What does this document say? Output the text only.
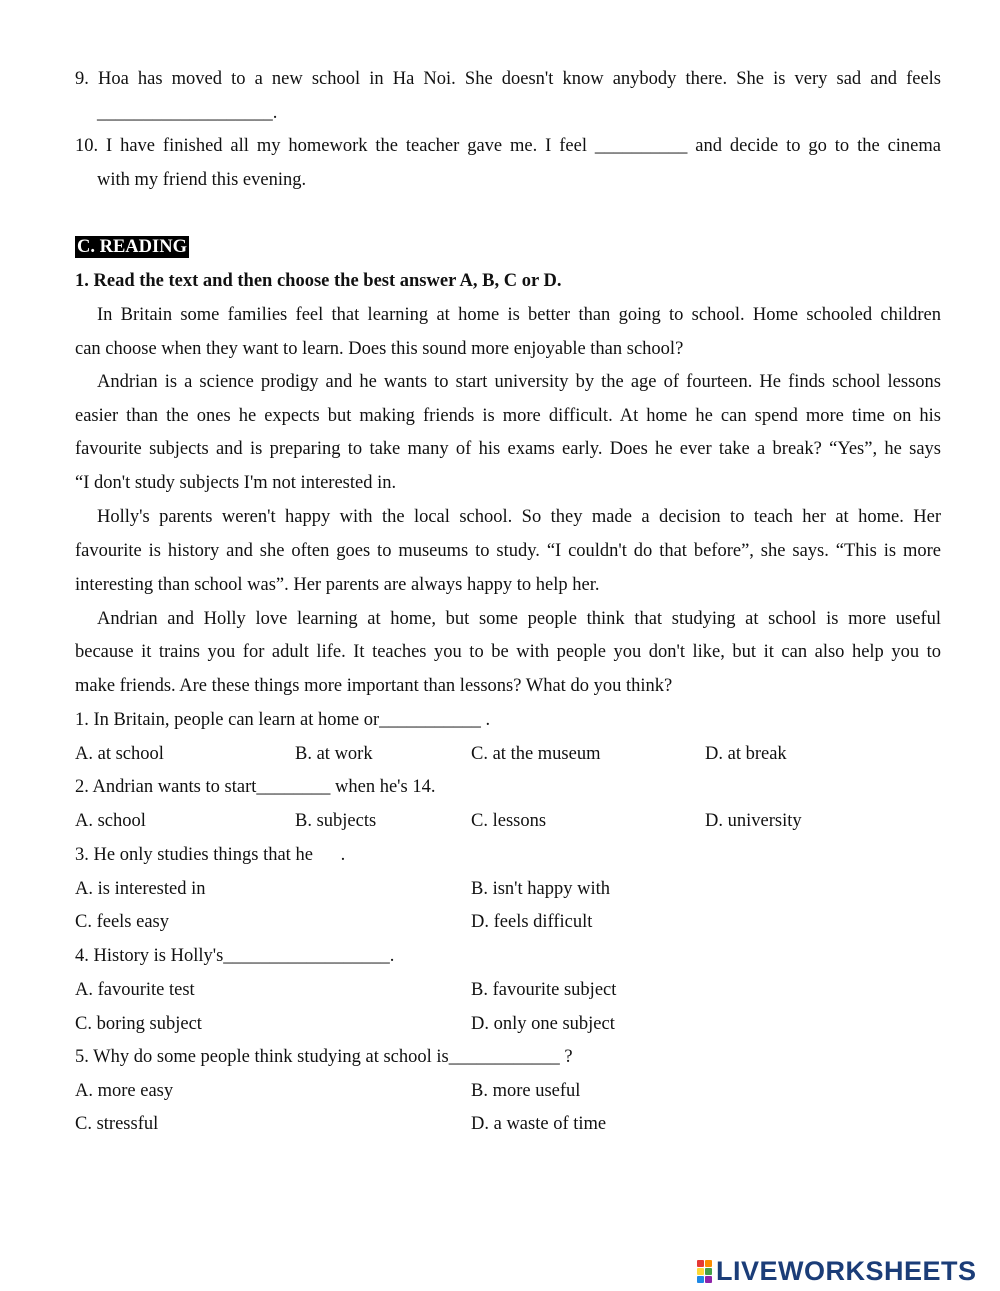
9. Hoa has moved to a new school in Ha Noi. She doesn't know anybody there. She is very sad and feels
___________________.
10. I have finished all my homework the teacher gave me. I feel __________ and decide to go to the cinema
with my friend this evening.
C. READING
1. Read the text and then choose the best answer A, B, C or D.
In Britain some families feel that learning at home is better than going to school. Home schooled children
can choose when they want to learn. Does this sound more enjoyable than school?
Andrian is a science prodigy and he wants to start university by the age of fourteen. He finds school lessons
easier than the ones he expects but making friends is more difficult. At home he can spend more time on his
favourite subjects and is preparing to take many of his exams early. Does he ever take a break? “Yes”, he says
“I don't study subjects I'm not interested in.
Holly's parents weren't happy with the local school. So they made a decision to teach her at home. Her
favourite is history and she often goes to museums to study. “I couldn't do that before”, she says. “This is more
interesting than school was”. Her parents are always happy to help her.
Andrian and Holly love learning at home, but some people think that studying at school is more useful
because it trains you for adult life. It teaches you to be with people you don't like, but it can also help you to
make friends. Are these things more important than lessons? What do you think?
1. In Britain, people can learn at home or___________ .
A. at school	B. at work	C. at the museum	D. at break
2. Andrian wants to start________ when he's 14.
A. school	B. subjects	C. lessons	D. university
3. He only studies things that he      .
A. is interested in	B. isn't happy with
C. feels easy	D. feels difficult
4. History is Holly's__________________.
A. favourite test	B. favourite subject
C. boring subject	D. only one subject
5. Why do some people think studying at school is____________ ?
A. more easy	B. more useful
C. stressful	D. a waste of time
LIVEWORKSHEETS
